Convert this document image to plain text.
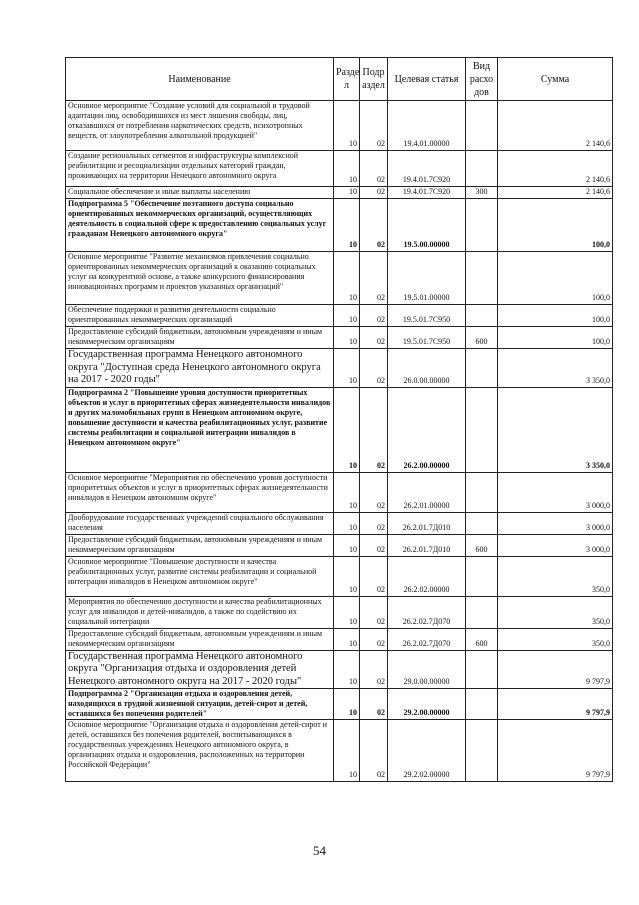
Наименование	Разде л	Подр аздел	Целевая статья	Вид расхо дов	Сумма
Основное мероприятие "Создание условий для социальной и трудовой адаптации лиц, освободившихся из мест лишения свободы, лиц, отказавшихся от потребления наркотических средств, психотропных веществ, от злоупотребления алкогольной продукцией"	10	02	19.4.01.00000		2 140,6
Создание региональных сегментов и инфраструктуры комплексной реабилитации и ресоциализации отдельных категорий граждан, проживающих на территории Ненецкого автономного округа	10	02	19.4.01.7С920		2 140,6
Социальное обеспечение и иные выплаты населению	10	02	19.4.01.7С920	300	2 140,6
Подпрограмма 5 "Обеспечение поэтапного доступа социально ориентированных некоммерческих организаций, осуществляющих деятельность в социальной сфере к предоставлению социальных услуг гражданам Ненецкого автономного округа"	10	02	19.5.00.00000		100,0
Основное мероприятие "Развитие механизмов привлечения социально ориентированных некоммерческих организаций к оказанию социальных услуг на конкурентной основе, а также конкурсного финансирования инновационных программ и проектов указанных организаций"	10	02	19.5.01.00000		100,0
Обеспечение поддержки и развития деятельности социально ориентированных некоммерческих организаций	10	02	19.5.01.7С950		100,0
Предоставление субсидий бюджетным, автономным учреждениям и иным некоммерческим организациям	10	02	19.5.01.7С950	600	100,0
Государственная программа Ненецкого автономного округа "Доступная среда Ненецкого автономного округа на 2017 - 2020 годы"	10	02	26.0.00.00000		3 350,0
Подпрограмма 2 "Повышение уровня доступности приоритетных объектов и услуг в приоритетных сферах жизнедеятельности инвалидов и других маломобильных групп в Ненецком автономном округе, повышение доступности и качества реабилитационных услуг, развитие системы реабилитации и социальной интеграции инвалидов в Ненецком автономном округе"	10	02	26.2.00.00000		3 350,0
Основное мероприятие "Мероприятия по обеспечению уровня доступности приоритетных объектов и услуг в приоритетных сферах жизнедеятельности инвалидов в Ненецком автономном округе"	10	02	26.2.01.00000		3 000,0
Дооборудование государственных учреждений социального обслуживания населения	10	02	26.2.01.7Д010		3 000,0
Предоставление субсидий бюджетным, автономным учреждениям и иным некоммерческим организациям	10	02	26.2.01.7Д010	600	3 000,0
Основное мероприятие "Повышение доступности и качества реабилитационных услуг, развитие системы реабилитации и социальной интеграции инвалидов в Ненецком автономном округе"	10	02	26.2.02.00000		350,0
Мероприятия по обеспечению доступности и качества реабилитационных услуг для инвалидов и детей-инвалидов, а также по содействию их социальной интеграции	10	02	26.2.02.7Д070		350,0
Предоставление субсидий бюджетным, автономным учреждениям и иным некоммерческим организациям	10	02	26.2.02.7Д070	600	350,0
Государственная программа Ненецкого автономного округа "Организация отдыха и оздоровления детей Ненецкого автономного округа на 2017 - 2020 годы"	10	02	29.0.00.00000		9 797,9
Подпрограмма 2 "Организация отдыха и оздоровления детей, находящихся в трудной жизненной ситуации, детей-сирот и детей, оставшихся без попечения родителей"	10	02	29.2.00.00000		9 797,9
Основное мероприятие "Организация отдыха и оздоровления детей-сирот и детей, оставшихся без попечения родителей, воспитывающихся в государственных учреждениях Ненецкого автономного округа, в организациях отдыха и оздоровления, расположенных на территории Российской Федерации"	10	02	29.2.02.00000		9 797,9
54
